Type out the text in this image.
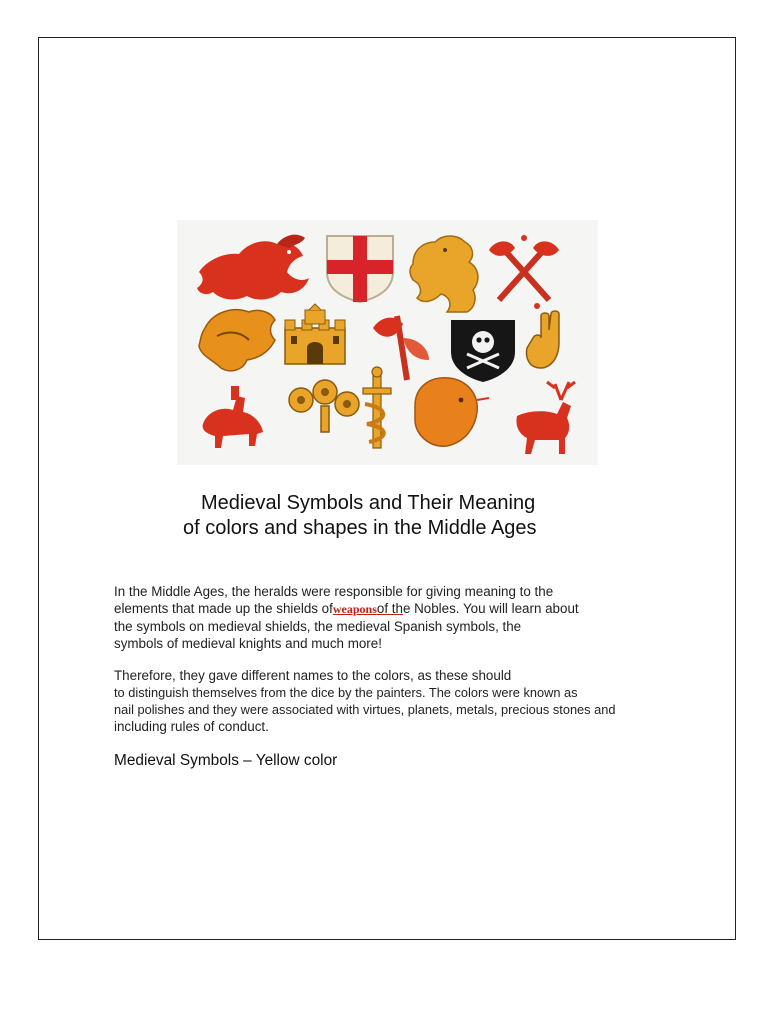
Medieval Symbols and Their Meaning
of colors and shapes in the Middle Ages
In the Middle Ages, the heralds were responsible for giving meaning to the
elements that made up the shields ofweaponsof the Nobles. You will learn about
the symbols on medieval shields, the medieval Spanish symbols, the
symbols of medieval knights and much more!
Therefore, they gave different names to the colors, as these should
to distinguish themselves from the dice by the painters. The colors were known as
nail polishes and they were associated with virtues, planets, metals, precious stones and
including rules of conduct.
Medieval Symbols – Yellow color
